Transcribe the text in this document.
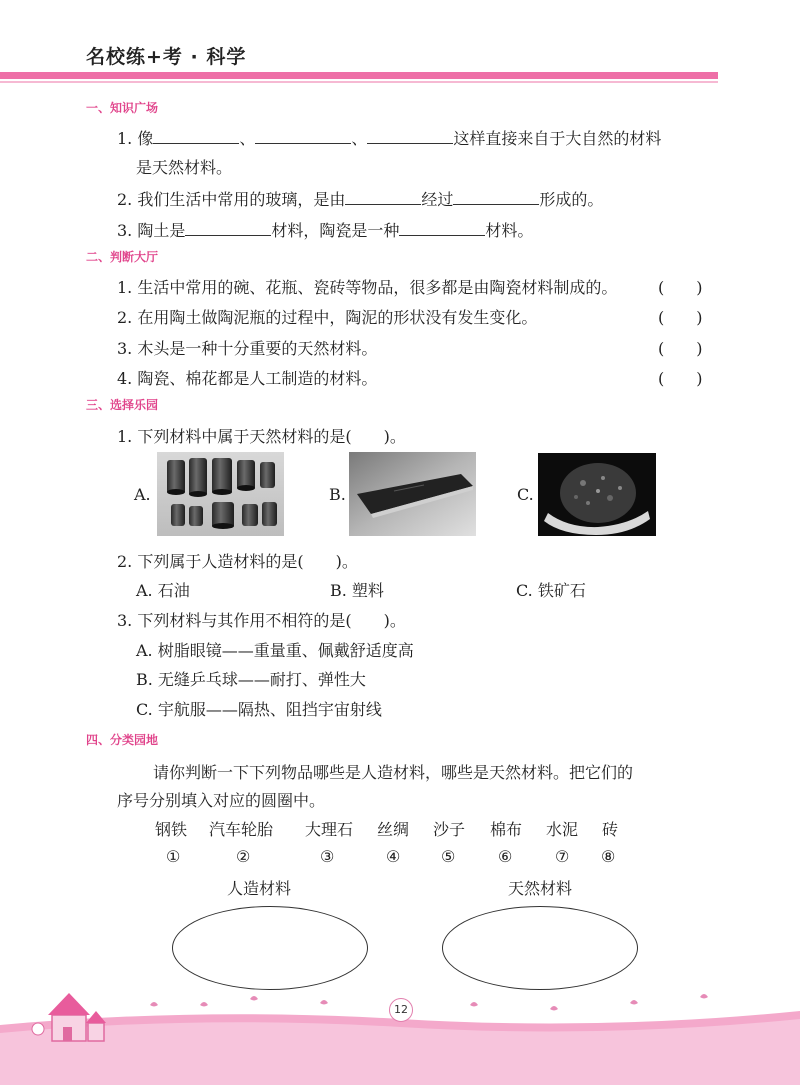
名校练+考 · 科学
一、知识广场
1. 像	、	、	这样直接来自于大自然的材料
是天然材料。
2. 我们生活中常用的玻璃，是由	经过	形成的。
3. 陶土是	材料，陶瓷是一种	材料。
二、判断大厅
1. 生活中常用的碗、花瓶、瓷砖等物品，很多都是由陶瓷材料制成的。	(　　)
2. 在用陶土做陶泥瓶的过程中，陶泥的形状没有发生变化。	(　　)
3. 木头是一种十分重要的天然材料。	(　　)
4. 陶瓷、棉花都是人工制造的材料。	(　　)
三、选择乐园
1. 下列材料中属于天然材料的是(　　)。
A.	B.	C.
2. 下列属于人造材料的是(　　)。
A. 石油	B. 塑料	C. 铁矿石
3. 下列材料与其作用不相符的是(　　)。
A. 树脂眼镜——重量重、佩戴舒适度高
B. 无缝乒乓球——耐打、弹性大
C. 宇航服——隔热、阻挡宇宙射线
四、分类园地
请你判断一下下列物品哪些是人造材料，哪些是天然材料。把它们的
序号分别填入对应的圆圈中。
钢铁 汽车轮胎 大理石 丝绸 沙子 棉布 水泥 砖
①	②	③	④	⑤	⑥	⑦ ⑧
人造材料	天然材料
12
